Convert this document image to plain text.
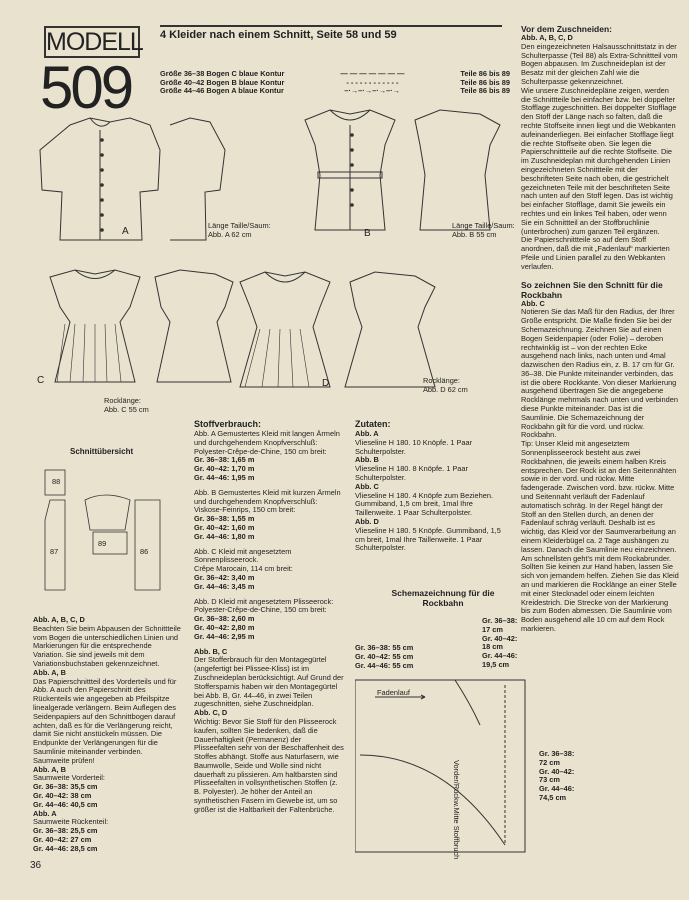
MODELL
509
4 Kleider nach einem Schnitt, Seite 58 und 59
Größe 36–38 Bogen C blaue Kontur	— — — — — — —	Teile 86 bis 89
Größe 40–42 Bogen B blaue Kontur	- - - - - - - - - - - -	Teile 86 bis 89
Größe 44–46 Bogen A blaue Kontur	–·→–·→–·→–·→	Teile 86 bis 89
A
Länge Taille/Saum:
Abb. A 62 cm	B
Länge Taille/Saum:
Abb. B 55 cm
C
Rocklänge:
Abb. C 55 cm
D	Rocklänge:
Abb. D 62 cm
Schnittübersicht
88
89
87	86

Abb. A, B, C, D

Beachten Sie beim Abpausen der Schnittteile vom Bogen die unterschiedlichen Linien und Markierungen für die entsprechende Variation. Sie sind jeweils mit dem Variationsbuchstaben gekennzeichnet.

Abb. A, B

Das Papierschnittteil des Vorderteils und für Abb. A auch den Papierschnitt des Rückenteils wie angegeben ab Pfeilspitze linealgerade verlängern. Beim Auflegen des Seidenpapiers auf den Schnittbogen darauf achten, daß es für die Verlängerung reicht, damit Sie nicht anstückeln müssen. Die Endpunkte der Verlängerungen für die Saumlinie miteinander verbinden. Saumweite prüfen!

Abb. A, B

Saumweite Vorderteil:

Gr. 36–38: 35,5 cm

Gr. 40–42: 38 cm

Gr. 44–46: 40,5 cm

Abb. A

Saumweite Rückenteil:

Gr. 36–38: 25,5 cm

Gr. 40–42: 27 cm

Gr. 44–46: 28,5 cm

Stoffverbrauch:

Abb. A Gemustertes Kleid mit langen Ärmeln und durchgehendem Knopfverschluß:

Polyester-Crêpe-de-Chine, 150 cm breit:

Gr. 36–38: 1,65 m

Gr. 40–42: 1,70 m

Gr. 44–46: 1,95 m

Abb. B Gemustertes Kleid mit kurzen Ärmeln und durchgehendem Knopfverschluß:

Viskose-Feinrips, 150 cm breit:

Gr. 36–38: 1,55 m

Gr. 40–42: 1,60 m

Gr. 44–46: 1,80 m

Abb. C Kleid mit angesetztem Sonnenplisseerock.

Crêpe Marocain, 114 cm breit:

Gr. 36–42: 3,40 m

Gr. 44–46: 3,45 m

Abb. D Kleid mit angesetztem Plisseerock:

Polyester-Crêpe-de-Chine, 150 cm breit:

Gr. 36–38: 2,60 m

Gr. 40–42: 2,80 m

Gr. 44–46: 2,95 m

Abb. B, C

Der Stofferbrauch für den Montagegürtel (angefertigt bei Plissee-Kliss) ist im Zuschneideplan berücksichtigt. Auf Grund der Stoffersparnis haben wir den Montagegürtel bei Abb. B, Gr. 44–46, in zwei Teilen zugeschnitten, siehe Zuschneidplan.

Abb. C, D

Wichtig: Bevor Sie Stoff für den Plisseerock kaufen, sollten Sie bedenken, daß die Dauerhaftigkeit (Permanenz) der Plisseefalten sehr von der Beschaffenheit des Stoffes abhängt. Stoffe aus Naturfasern, wie Baumwolle, Seide und Wolle sind nicht dauerhaft zu plissieren. Am haltbarsten sind Plisseefalten in vollsynthetischen Stoffen (z. B. Polyester). Je höher der Anteil an synthetischen Fasern im Gewebe ist, um so größer ist die Haltbarkeit der Faltenbrüche.

Zutaten:

Abb. A

Vlieseline H 180. 10 Knöpfe. 1 Paar Schulterpolster.

Abb. B

Vlieseline H 180. 8 Knöpfe. 1 Paar Schulterpolster.

Abb. C

Vlieseline H 180. 4 Knöpfe zum Beziehen. Gummiband, 1,5 cm breit, 1mal Ihre Taillenweite. 1 Paar Schulterpolster.

Abb. D

Vlieseline H 180. 5 Knöpfe. Gummiband, 1,5 cm breit, 1mal Ihre Taillenweite. 1 Paar Schulterpolster.

Schemazeichnung für die Rockbahn

Gr. 36–38: 55 cm

Gr. 40–42: 55 cm

Gr. 44–46: 55 cm

Gr. 36–38:

17 cm

Gr. 40–42:

18 cm

Gr. 44–46:

19,5 cm

Fadenlauf
Vorder/Rückw.Mitte Stoffbruch

Gr. 36–38:

72 cm

Gr. 40–42:

73 cm

Gr. 44–46:

74,5 cm

Vor dem Zuschneiden:

Abb. A, B, C, D

Den eingezeichneten Halsausschnittstatz in der Schulterpasse (Teil 88) als Extra-Schnittteil vom Bogen abpausen. Im Zuschneideplan ist der Besatz mit der gleichen Zahl wie die Schulterpasse gekennzeichnet.

Wie unsere Zuschneidepläne zeigen, werden die Schnittteile bei einfacher bzw. bei doppelter Stofflage zugeschnitten. Bei doppelter Stofflage den Stoff der Länge nach so falten, daß die rechte Stoffseite innen liegt und die Webkanten aufeinanderliegen. Bei einfacher Stofflage liegt die rechte Stoffseite oben. Sie legen die Papierschnittteile auf die rechte Stoffseite. Die im Zuschneideplan mit durchgehenden Linien eingezeichneten Schnittteile mit der beschrifteten Seite nach oben, die gestrichelt gezeichneten Teile mit der beschrifteten Seite nach unten auf den Stoff legen. Das ist wichtig bei einfacher Stofflage, damit Sie jeweils ein rechtes und ein linkes Teil haben, oder wenn Sie ein Schnittteil an der Stoffbruchlinie (unterbrochen) zum ganzen Teil ergänzen.

Die Papierschnittteile so auf dem Stoff anordnen, daß die mit „Fadenlauf“ markierten Pfeile und Linien parallel zu den Webkanten verlaufen.

So zeichnen Sie den Schnitt für die Rockbahn

Abb. C

Notieren Sie das Maß für den Radius, der Ihrer Größe entspricht. Die Maße finden Sie bei der Schemazeichnung. Zeichnen Sie auf einen Bogen Seidenpapier (oder Folie) – deroben rechtwinklig ist – von der rechten Ecke ausgehend nach links, nach unten und 4mal dazwischen den Radius ein, z. B. 17 cm für Gr. 36–38. Die Punkte miteinander verbinden, das ist die obere Rockkante. Von dieser Markierung ausgehend übertragen Sie die angegebene Rocklänge mehrmals nach unten und verbinden diese Punkte miteinander. Das ist die Saumlinie. Die Schemazeichnung der Rockbahn gilt für die vord. und rückw. Rockbahn.

Tip: Unser Kleid mit angesetztem Sonnenplisseerock besteht aus zwei Rockbahnen, die jeweils einem halben Kreis entsprechen. Der Rock ist an den Seitennähten sowie in der vord. und rückw. Mitte fadengerade. Zwischen vord. bzw. rückw. Mitte und Seitennaht verläuft der Fadenlauf automatisch schräg. In der Regel hängt der Stoff an den Stellen durch, an denen der Fadenlauf schräg verläuft. Deshalb ist es wichtig, das Kleid vor der Saumverarbeitung an einem Kleiderbügel ca. 2 Tage aushängen zu lassen. Danach die Saumlinie neu einzeichnen. Am schnellsten geht's mit dem Rockabrunder. Sollten Sie keinen zur Hand haben, lassen Sie sich von jemandem helfen. Ziehen Sie das Kleid an und markieren die Rocklänge an einer Stelle mit einer Stecknadel oder einem leichten Kreidestrich. Die Strecke von der Markierung bis zum Boden abmessen. Die Saumlinie vom Boden ausgehend alle 10 cm auf dem Rock markieren.

36
